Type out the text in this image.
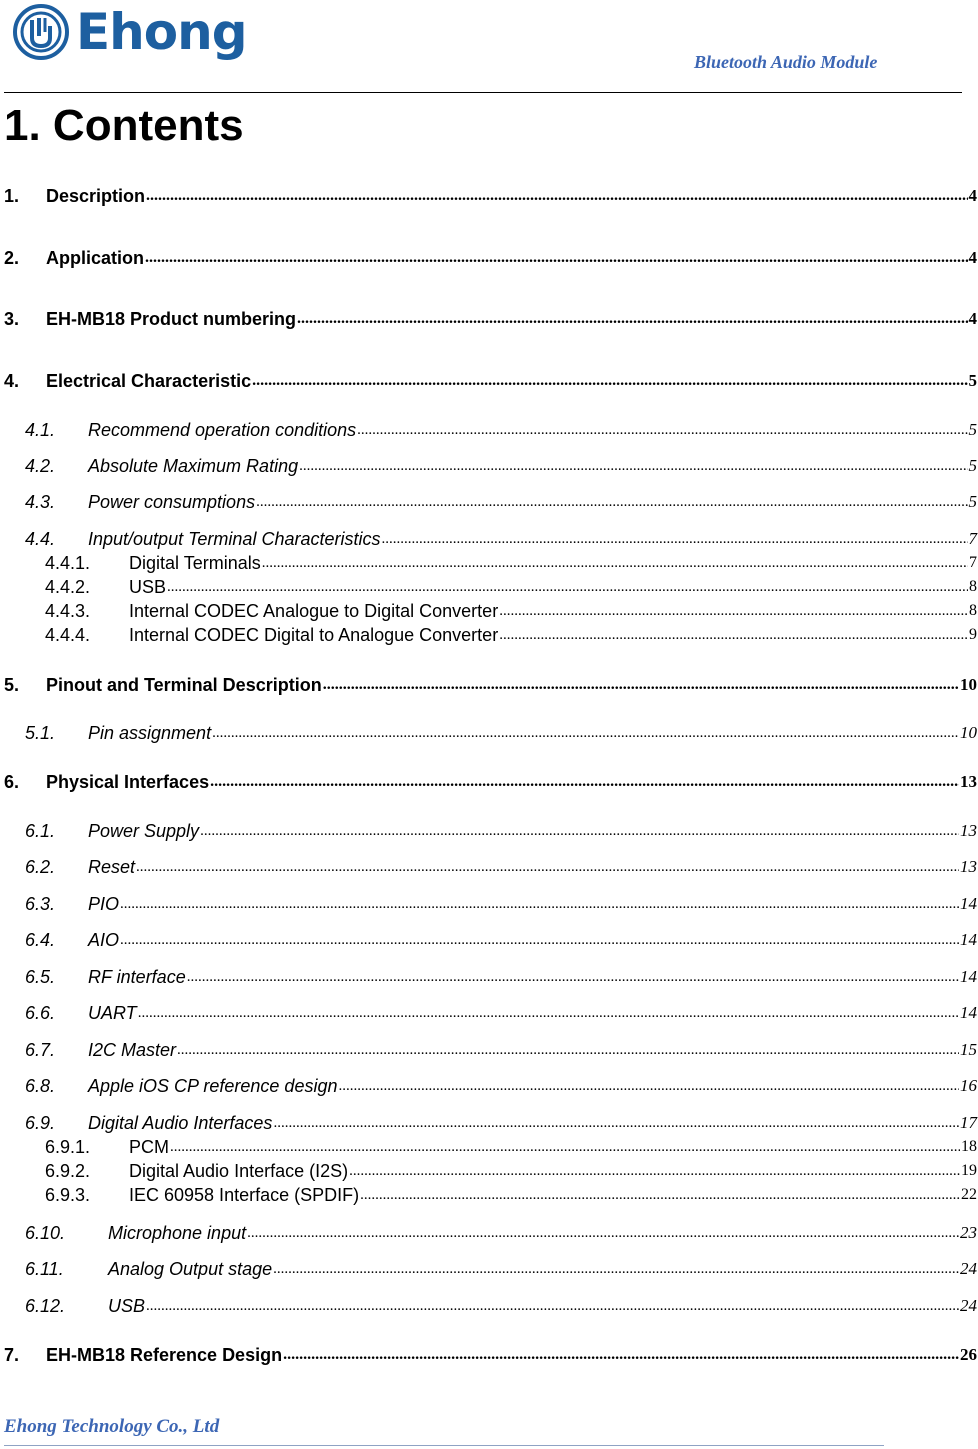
Ehong
Bluetooth Audio Module
1. Contents
1.	Description .....	4
2.	Application .....	4
3.	EH-MB18 Product numbering .....	4
4.	Electrical Characteristic .....	5
4.1.	Recommend operation conditions .....	5
4.2.	Absolute Maximum Rating .....	5
4.3.	Power consumptions .....	5
4.4.	Input/output Terminal Characteristics .....	7
4.4.1.	Digital Terminals .....	7
4.4.2.	USB .....	8
4.4.3.	Internal CODEC Analogue to Digital Converter .....	8
4.4.4.	Internal CODEC Digital to Analogue Converter .....	9
5.	Pinout and Terminal Description .....	10
5.1.	Pin assignment .....	10
6.	Physical Interfaces .....	13
6.1.	Power Supply .....	13
6.2.	Reset .....	13
6.3.	PIO .....	14
6.4.	AIO .....	14
6.5.	RF interface .....	14
6.6.	UART .....	14
6.7.	I2C Master .....	15
6.8.	Apple iOS CP reference design .....	16
6.9.	Digital Audio Interfaces .....	17
6.9.1.	PCM .....	18
6.9.2.	Digital Audio Interface (I2S) .....	19
6.9.3.	IEC 60958 Interface (SPDIF) .....	22
6.10.	Microphone input .....	23
6.11.	Analog Output stage .....	24
6.12.	USB .....	24
7.	EH-MB18 Reference Design .....	26
Ehong Technology Co., Ltd
